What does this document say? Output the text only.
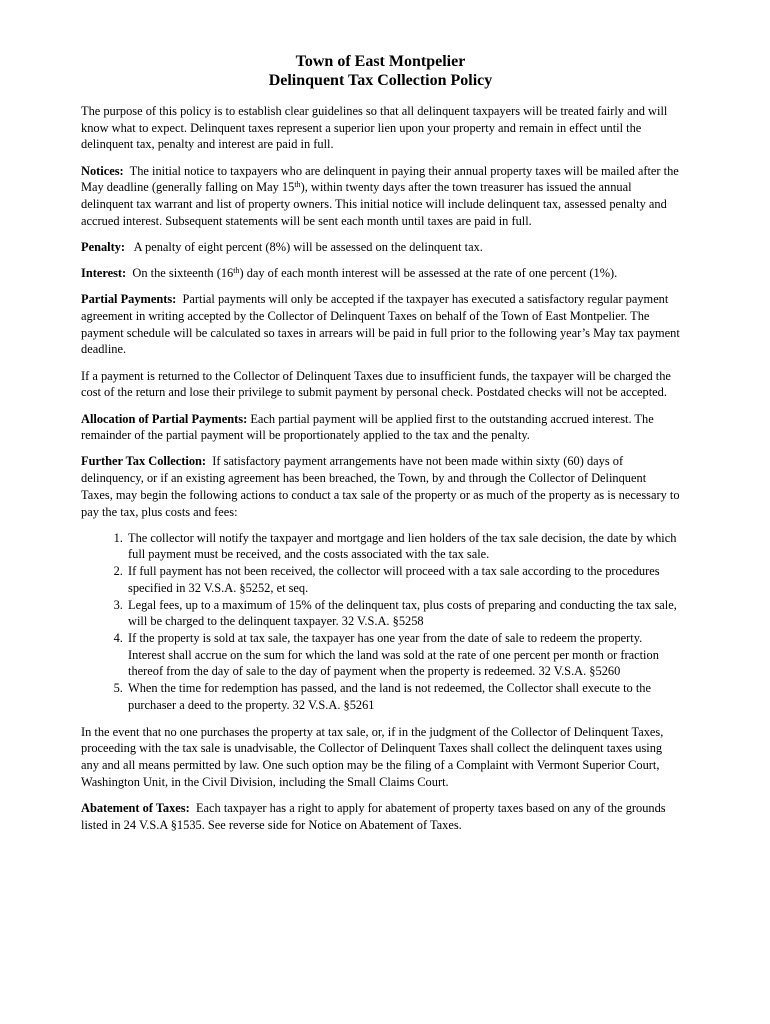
Town of East Montpelier
Delinquent Tax Collection Policy

The purpose of this policy is to establish clear guidelines so that all delinquent taxpayers will be treated fairly and will know what to expect. Delinquent taxes represent a superior lien upon your property and remain in effect until the delinquent tax, penalty and interest are paid in full.

Notices: The initial notice to taxpayers who are delinquent in paying their annual property taxes will be mailed after the May deadline (generally falling on May 15th), within twenty days after the town treasurer has issued the annual delinquent tax warrant and list of property owners. This initial notice will include delinquent tax, assessed penalty and accrued interest. Subsequent statements will be sent each month until taxes are paid in full.

Penalty: A penalty of eight percent (8%) will be assessed on the delinquent tax.

Interest: On the sixteenth (16th) day of each month interest will be assessed at the rate of one percent (1%).

Partial Payments: Partial payments will only be accepted if the taxpayer has executed a satisfactory regular payment agreement in writing accepted by the Collector of Delinquent Taxes on behalf of the Town of East Montpelier. The payment schedule will be calculated so taxes in arrears will be paid in full prior to the following year’s May tax payment deadline.

If a payment is returned to the Collector of Delinquent Taxes due to insufficient funds, the taxpayer will be charged the cost of the return and lose their privilege to submit payment by personal check. Postdated checks will not be accepted.

Allocation of Partial Payments: Each partial payment will be applied first to the outstanding accrued interest. The remainder of the partial payment will be proportionately applied to the tax and the penalty.

Further Tax Collection: If satisfactory payment arrangements have not been made within sixty (60) days of delinquency, or if an existing agreement has been breached, the Town, by and through the Collector of Delinquent Taxes, may begin the following actions to conduct a tax sale of the property or as much of the property as is necessary to pay the tax, plus costs and fees:

1. The collector will notify the taxpayer and mortgage and lien holders of the tax sale decision, the date by which full payment must be received, and the costs associated with the tax sale.
2. If full payment has not been received, the collector will proceed with a tax sale according to the procedures specified in 32 V.S.A. §5252, et seq.
3. Legal fees, up to a maximum of 15% of the delinquent tax, plus costs of preparing and conducting the tax sale, will be charged to the delinquent taxpayer. 32 V.S.A. §5258
4. If the property is sold at tax sale, the taxpayer has one year from the date of sale to redeem the property. Interest shall accrue on the sum for which the land was sold at the rate of one percent per month or fraction thereof from the day of sale to the day of payment when the property is redeemed. 32 V.S.A. §5260
5. When the time for redemption has passed, and the land is not redeemed, the Collector shall execute to the purchaser a deed to the property. 32 V.S.A. §5261

In the event that no one purchases the property at tax sale, or, if in the judgment of the Collector of Delinquent Taxes, proceeding with the tax sale is unadvisable, the Collector of Delinquent Taxes shall collect the delinquent taxes using any and all means permitted by law. One such option may be the filing of a Complaint with Vermont Superior Court, Washington Unit, in the Civil Division, including the Small Claims Court.

Abatement of Taxes: Each taxpayer has a right to apply for abatement of property taxes based on any of the grounds listed in 24 V.S.A §1535. See reverse side for Notice on Abatement of Taxes.
